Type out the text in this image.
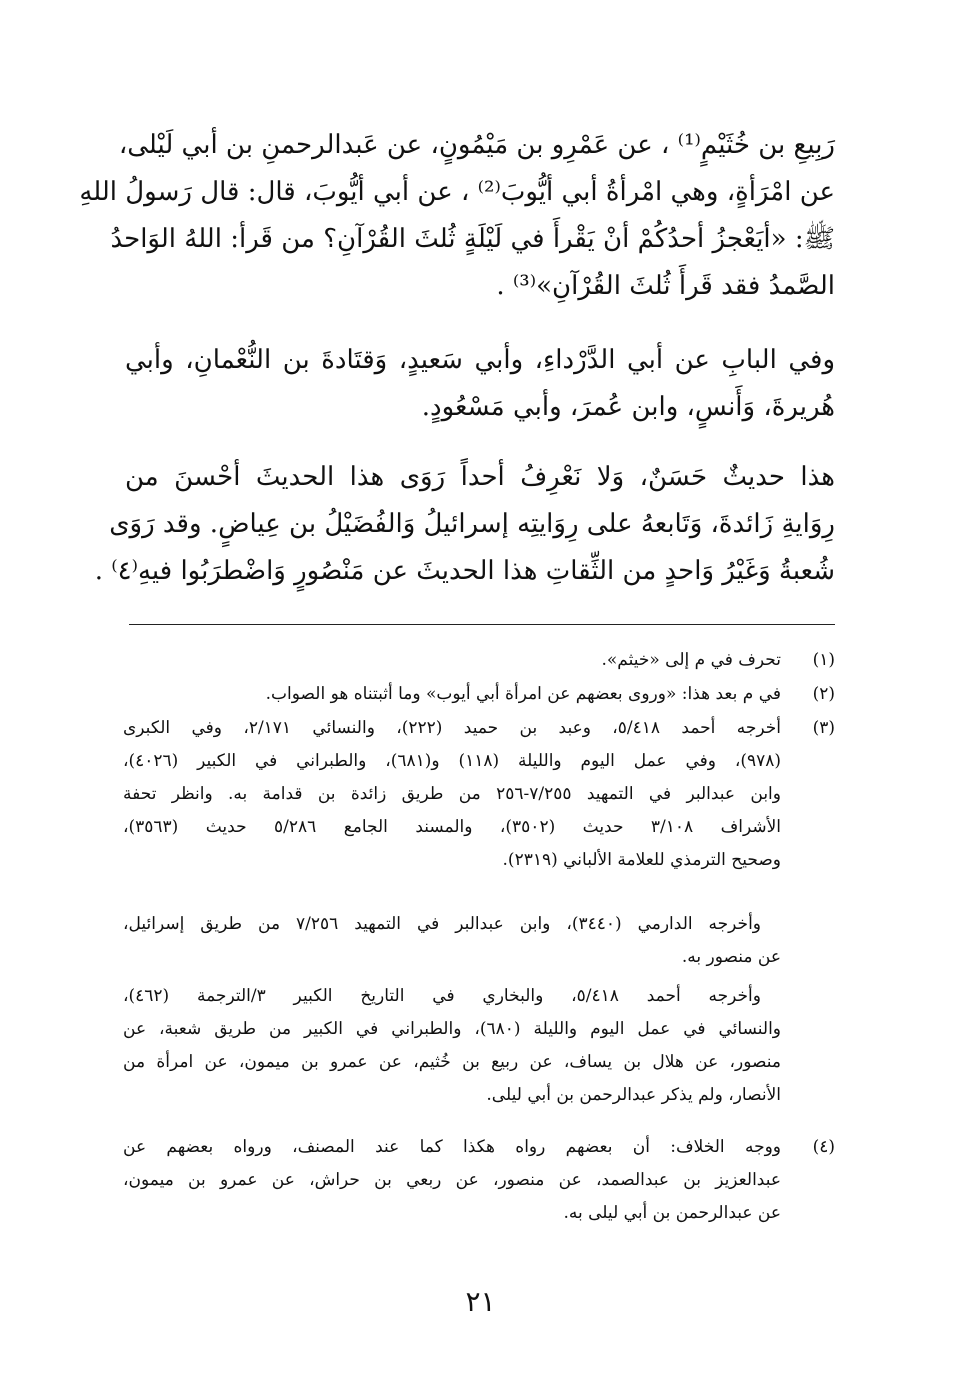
رَبِيعِ بن خُثَيْمٍ⁽¹⁾ ، عن عَمْرِو بن مَيْمُونٍ، عن عَبدالرحمنِ بن أبي لَيْلى،
عن امْرَأةٍ، وهي امْرأةُ أبي أيُّوبَ⁽²⁾ ، عن أبي أيُّوبَ، قال: قال رَسولُ اللهِ
ﷺ: «أيَعْجزُ أحدُكُمْ أنْ يَقْرأَ في لَيْلَةٍ ثُلثَ القُرْآنِ؟ من قَرأ: اللهُ الوَاحدُ
الصَّمدُ فقد قَرأَ ثُلثَ القُرْآنِ»⁽³⁾ .
وفي البابِ عن أبي الدَّرْداءِ، وأبي سَعيدٍ، وَقتَادةَ بن النُّعْمانِ، وأبي
هُريرةَ، وَأَنسٍ، وابن عُمرَ، وأبي مَسْعُودٍ.
هذا حديثٌ حَسَنٌ، وَلا نَعْرِفُ أحداً رَوَى هذا الحديثَ أحْسنَ من
رِوَايةِ زَائدةَ، وَتَابعهُ على رِوَايتِه إسرائيلُ وَالفُضَيْلُ بن عِياضٍ. وقد رَوَى
شُعبةُ وَغَيْرُ وَاحدٍ من الثِّقاتِ هذا الحديثَ عن مَنْصُورٍ وَاضْطرَبُوا فيهِ⁽٤⁾ .
(١)
تحرف في م إلى «خيثم».
(٢)
في م بعد هذا: «وروى بعضهم عن امرأة أبي أيوب» وما أثبتناه هو الصواب.
(٣)
أخرجه أحمد ٥/٤١٨، وعبد بن حميد (٢٢٢)، والنسائي ٢/١٧١، وفي الكبرى
(٩٧٨)، وفي عمل اليوم والليلة (١١٨) و(٦٨١)، والطبراني في الكبير (٤٠٢٦)،
وابن عبدالبر في التمهيد ٧/٢٥٥-٢٥٦ من طريق زائدة بن قدامة به. وانظر تحفة
الأشراف ٣/١٠٨ حديث (٣٥٠٢)، والمسند الجامع ٥/٢٨٦ حديث (٣٥٦٣)،
وصحيح الترمذي للعلامة الألباني (٢٣١٩).
وأخرجه الدارمي (٣٤٤٠)، وابن عبدالبر في التمهيد ٧/٢٥٦ من طريق إسرائيل،
عن منصور به.
وأخرجه أحمد ٥/٤١٨، والبخاري في التاريخ الكبير ٣/الترجمة (٤٦٢)،
والنسائي في عمل اليوم والليلة (٦٨٠)، والطبراني في الكبير من طريق شعبة، عن
منصور، عن هلال بن يساف، عن ربيع بن خُثيم، عن عمرو بن ميمون، عن امرأة من
الأنصار، ولم يذكر عبدالرحمن بن أبي ليلى.
(٤)
ووجه الخلاف: أن بعضهم رواه هكذا كما عند المصنف، ورواه بعضهم عن
عبدالعزيز بن عبدالصمد، عن منصور، عن ربعي بن حراش، عن عمرو بن ميمون،
عن عبدالرحمن بن أبي ليلى به.
٢١
